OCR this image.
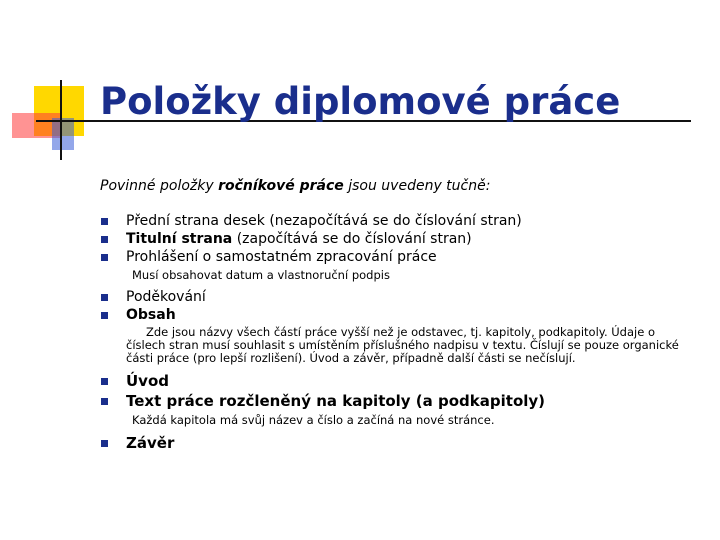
Položky diplomové práce

Povinné položky ročníkové práce jsou uvedeny tučně:

Přední strana desek (nezapočítává se do číslování stran)
Titulní strana (započítává se do číslování stran)
Prohlášení o samostatném zpracování práce
Musí obsahovat datum a vlastnoruční podpis
Poděkování
Obsah
Zde jsou názvy všech částí práce vyšší než je odstavec, tj. kapitoly, podkapitoly. Údaje o číslech stran musí souhlasit s umístěním příslušného nadpisu v textu. Číslují se pouze organické části práce (pro lepší rozlišení). Úvod a závěr, případně další části se nečíslují.
Úvod
Text práce rozčleněný na kapitoly (a podkapitoly)
Každá kapitola má svůj název a číslo a začíná na nové stránce.
Závěr
